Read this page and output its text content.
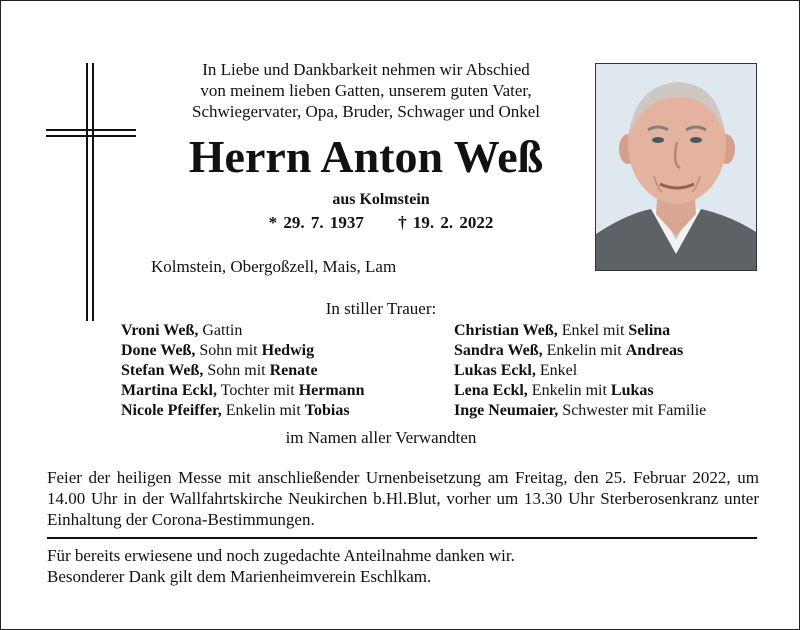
In Liebe und Dankbarkeit nehmen wir Abschied
von meinem lieben Gatten, unserem guten Vater,
Schwiegervater, Opa, Bruder, Schwager und Onkel
Herrn Anton Weß
aus Kolmstein
* 29. 7. 1937 † 19. 2. 2022
Kolmstein, Obergoßzell, Mais, Lam
In stiller Trauer:
Vroni Weß, Gattin
Done Weß, Sohn mit Hedwig
Stefan Weß, Sohn mit Renate
Martina Eckl, Tochter mit Hermann
Nicole Pfeiffer, Enkelin mit Tobias
Christian Weß, Enkel mit Selina
Sandra Weß, Enkelin mit Andreas
Lukas Eckl, Enkel
Lena Eckl, Enkelin mit Lukas
Inge Neumaier, Schwester mit Familie
im Namen aller Verwandten
Feier der heiligen Messe mit anschließender Urnenbeisetzung am Freitag, den 25. Februar 2022, um 14.00 Uhr in der Wallfahrtskirche Neukirchen b.Hl.Blut, vorher um 13.30 Uhr Sterberosenkranz unter Einhaltung der Corona-Bestimmungen.
Für bereits erwiesene und noch zugedachte Anteilnahme danken wir.
Besonderer Dank gilt dem Marienheimverein Eschlkam.
